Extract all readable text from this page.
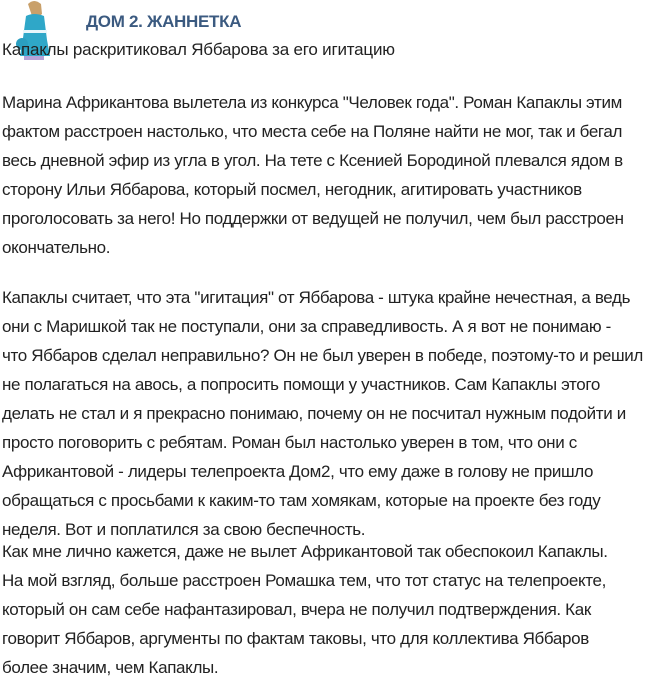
ДОМ 2. ЖАННЕТКА
Капаклы раскритиковал Яббарова за его игитацию
Марина Африкантова вылетела из конкурса "Человек года". Роман Капаклы этим
фактом расстроен настолько, что места себе на Поляне найти не мог, так и бегал
весь дневной эфир из угла в угол. На тете с Ксенией Бородиной плевался ядом в
сторону Ильи Яббарова, который посмел, негодник, агитировать участников
проголосовать за него! Но поддержки от ведущей не получил, чем был расстроен
окончательно.
Капаклы считает, что эта "игитация" от Яббарова - штука крайне нечестная, а ведь
они с Маришкой так не поступали, они за справедливость. А я вот не понимаю -
что Яббаров сделал неправильно? Он не был уверен в победе, поэтому-то и решил
не полагаться на авось, а попросить помощи у участников. Сам Капаклы этого
делать не стал и я прекрасно понимаю, почему он не посчитал нужным подойти и
просто поговорить с ребятам. Роман был настолько уверен в том, что они с
Африкантовой - лидеры телепроекта Дом2, что ему даже в голову не пришло
обращаться с просьбами к каким-то там хомякам, которые на проекте без году
неделя. Вот и поплатился за свою беспечность.
Как мне лично кажется, даже не вылет Африкантовой так обеспокоил Капаклы.
На мой взгляд, больше расстроен Ромашка тем, что тот статус на телепроекте,
который он сам себе нафантазировал, вчера не получил подтверждения. Как
говорит Яббаров, аргументы по фактам таковы, что для коллектива Яббаров
более значим, чем Капаклы.
